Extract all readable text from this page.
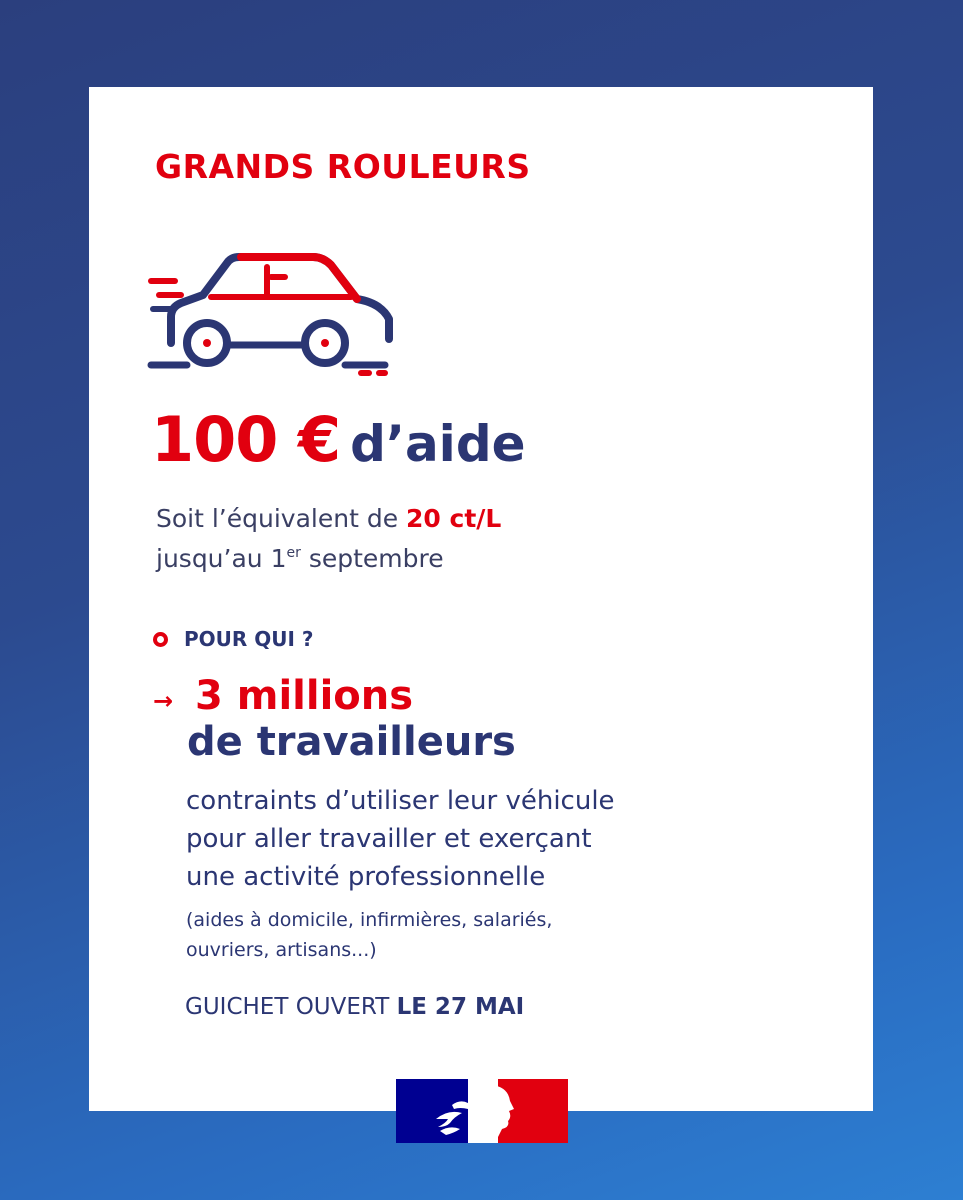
GRANDS ROULEURS
100 € d’aide
Soit l’équivalent de 20 ct/L
jusqu’au 1er septembre
POUR QUI ?
→ 3 millions
de travailleurs
contraints d’utiliser leur véhicule
pour aller travailler et exerçant
une activité professionnelle
(aides à domicile, infirmières, salariés,
ouvriers, artisans...)
GUICHET OUVERT LE 27 MAI
